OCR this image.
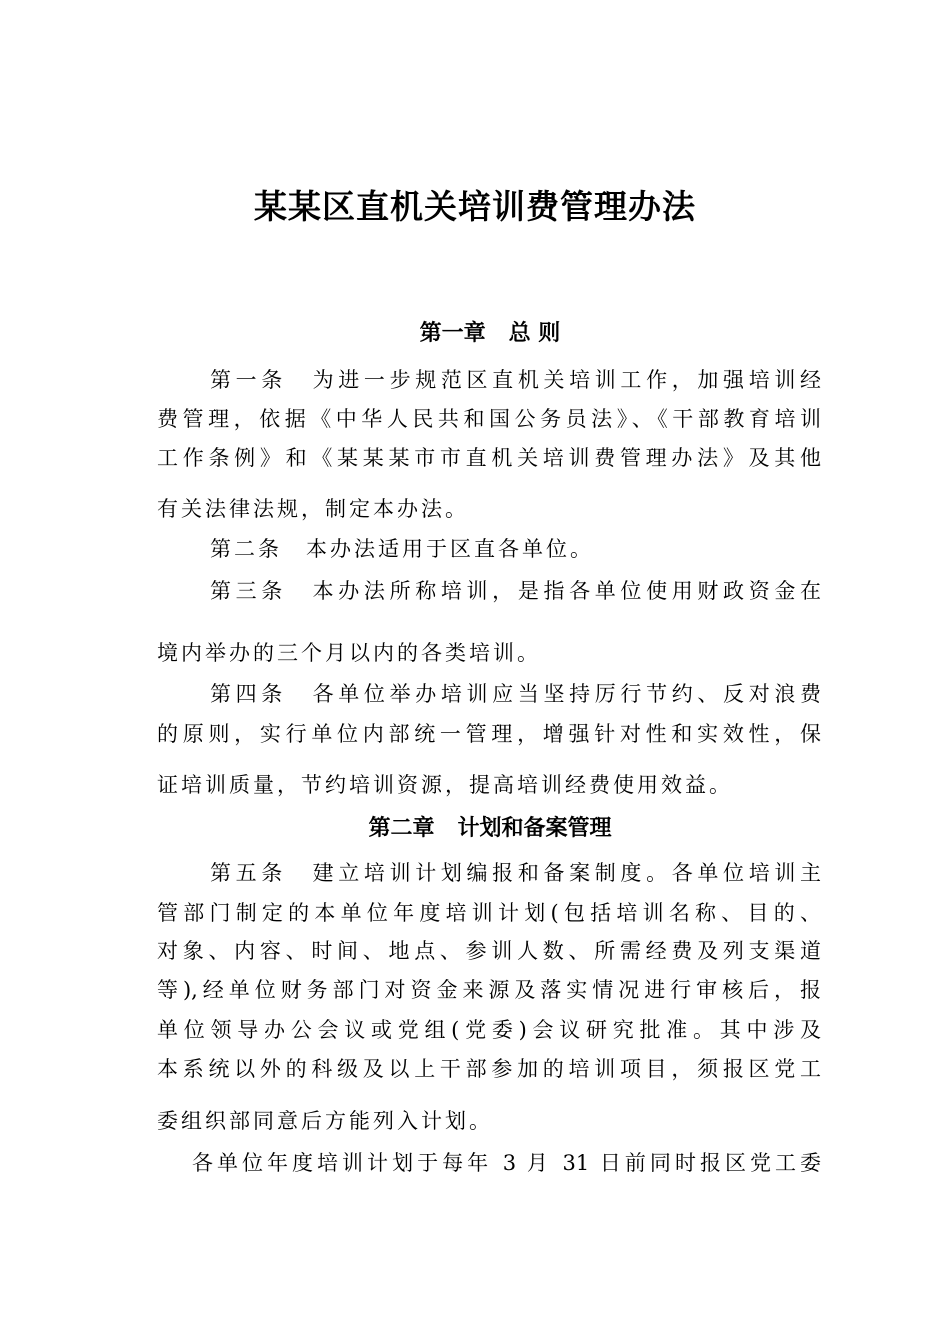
某某区直机关培训费管理办法
第一章   总 则
第一条　为进一步规范区直机关培训工作，加强培训经
费管理，依据《中华人民共和国公务员法》、《干部教育培训
工作条例》和《某某某市市直机关培训费管理办法》及其他
有关法律法规，制定本办法。
第二条　本办法适用于区直各单位。
第三条　本办法所称培训，是指各单位使用财政资金在
境内举办的三个月以内的各类培训。
第四条　各单位举办培训应当坚持厉行节约、反对浪费
的原则，实行单位内部统一管理，增强针对性和实效性，保
证培训质量，节约培训资源，提高培训经费使用效益。
第二章   计划和备案管理
第五条　建立培训计划编报和备案制度。各单位培训主
管部门制定的本单位年度培训计划(包括培训名称、目的、
对象、内容、时间、地点、参训人数、所需经费及列支渠道
等),经单位财务部门对资金来源及落实情况进行审核后，报
单位领导办公会议或党组(党委)会议研究批准。其中涉及
本系统以外的科级及以上干部参加的培训项目，须报区党工
委组织部同意后方能列入计划。
各单位年度培训计划于每年 3 月 31 日前同时报区党工委
